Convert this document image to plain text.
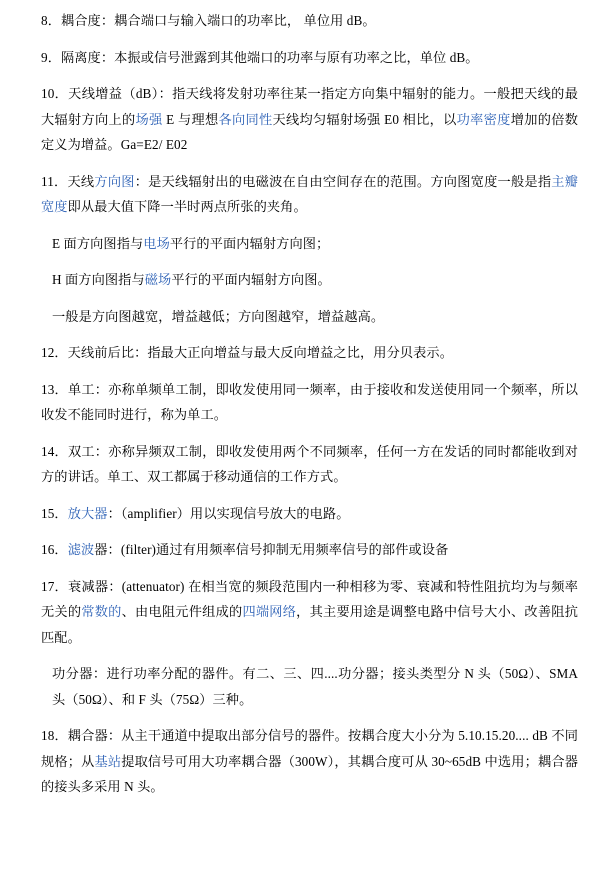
8．耦合度：耦合端口与输入端口的功率比， 单位用 dB。

9．隔离度：本振或信号泄露到其他端口的功率与原有功率之比，单位 dB。

10．天线增益（dB）：指天线将发射功率往某一指定方向集中辐射的能力。一般把天线的最大辐射方向上的场强 E 与理想各向同性天线均匀辐射场强 E0 相比，以功率密度增加的倍数定义为增益。Ga=E2/ E02

11．天线方向图：是天线辐射出的电磁波在自由空间存在的范围。方向图宽度一般是指主瓣宽度即从最大值下降一半时两点所张的夹角。

E 面方向图指与电场平行的平面内辐射方向图；

H 面方向图指与磁场平行的平面内辐射方向图。

一般是方向图越宽，增益越低；方向图越窄，增益越高。

12．天线前后比：指最大正向增益与最大反向增益之比，用分贝表示。

13．单工：亦称单频单工制，即收发使用同一频率，由于接收和发送使用同一个频率，所以收发不能同时进行，称为单工。

14．双工：亦称异频双工制，即收发使用两个不同频率，任何一方在发话的同时都能收到对方的讲话。单工、双工都属于移动通信的工作方式。

15．放大器：（amplifier）用以实现信号放大的电路。

16．滤波器：(filter)通过有用频率信号抑制无用频率信号的部件或设备

17．衰减器：(attenuator) 在相当宽的频段范围内一种相移为零、衰减和特性阻抗均为与频率无关的常数的、由电阻元件组成的四端网络，其主要用途是调整电路中信号大小、改善阻抗匹配。

功分器：进行功率分配的器件。有二、三、四....功分器；接头类型分 N 头（50Ω）、SMA 头（50Ω）、和 F 头（75Ω）三种。

18．耦合器：从主干通道中提取出部分信号的器件。按耦合度大小分为 5.10.15.20.... dB 不同规格；从基站提取信号可用大功率耦合器（300W），其耦合度可从 30~65dB 中选用；耦合器的接头多采用 N 头。
